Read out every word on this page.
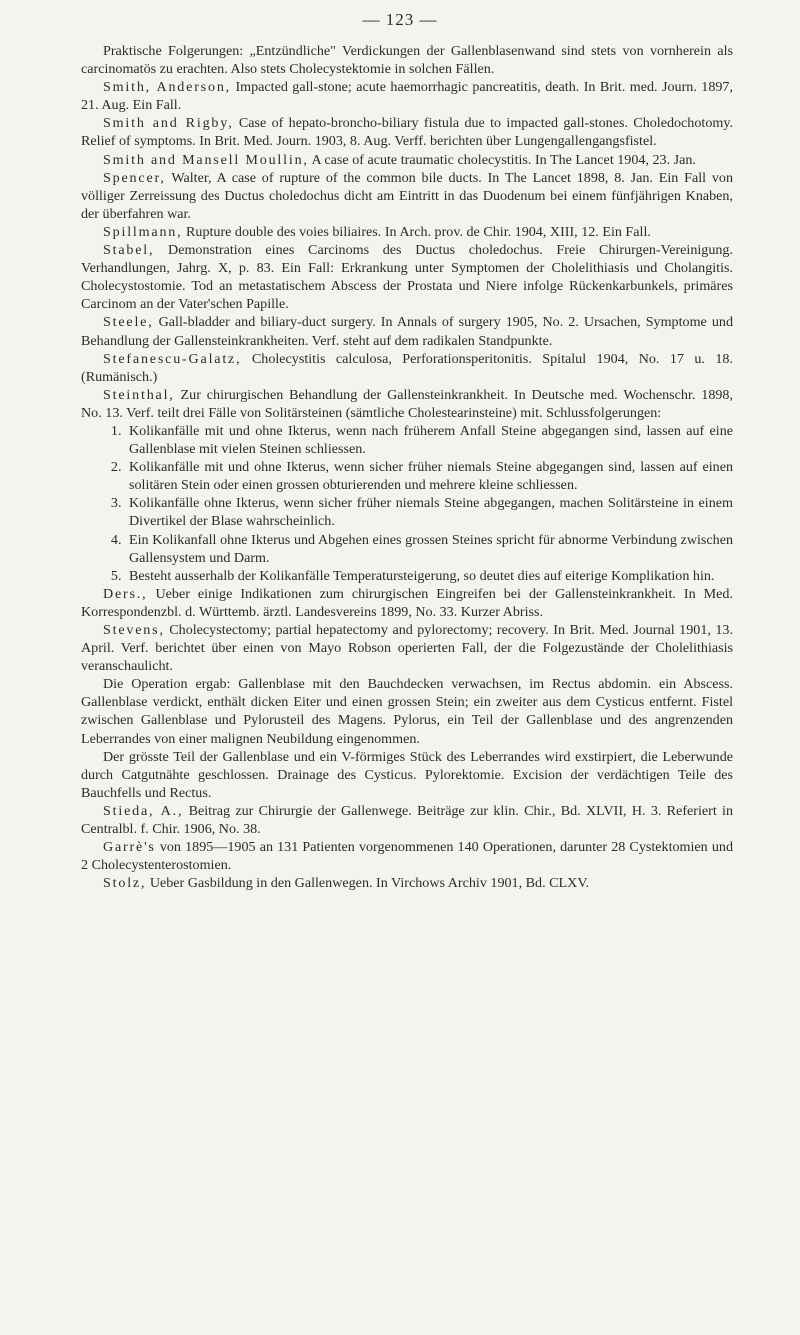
— 123 —

Praktische Folgerungen: „Entzündliche" Verdickungen der Gallenblasenwand sind stets von vornherein als carcinomatös zu erachten. Also stets Cholecystektomie in solchen Fällen.

Smith, Anderson, Impacted gall-stone; acute haemorrhagic pancreatitis, death. In Brit. med. Journ. 1897, 21. Aug. Ein Fall.

Smith and Rigby, Case of hepato-broncho-biliary fistula due to impacted gall-stones. Choledochotomy. Relief of symptoms. In Brit. Med. Journ. 1903, 8. Aug. Verff. berichten über Lungengallengangsfistel.

Smith and Mansell Moullin, A case of acute traumatic cholecystitis. In The Lancet 1904, 23. Jan.

Spencer, Walter, A case of rupture of the common bile ducts. In The Lancet 1898, 8. Jan. Ein Fall von völliger Zerreissung des Ductus choledochus dicht am Eintritt in das Duodenum bei einem fünfjährigen Knaben, der überfahren war.

Spillmann, Rupture double des voies biliaires. In Arch. prov. de Chir. 1904, XIII, 12. Ein Fall.

Stabel, Demonstration eines Carcinoms des Ductus choledochus. Freie Chirurgen-Vereinigung. Verhandlungen, Jahrg. X, p. 83. Ein Fall: Erkrankung unter Symptomen der Cholelithiasis und Cholangitis. Cholecystostomie. Tod an metastatischem Abscess der Prostata und Niere infolge Rückenkarbunkels, primäres Carcinom an der Vater'schen Papille.

Steele, Gall-bladder and biliary-duct surgery. In Annals of surgery 1905, No. 2. Ursachen, Symptome und Behandlung der Gallensteinkrankheiten. Verf. steht auf dem radikalen Standpunkte.

Stefanescu-Galatz, Cholecystitis calculosa, Perforationsperitonitis. Spitalul 1904, No. 17 u. 18. (Rumänisch.)

Steinthal, Zur chirurgischen Behandlung der Gallensteinkrankheit. In Deutsche med. Wochenschr. 1898, No. 13. Verf. teilt drei Fälle von Solitärsteinen (sämtliche Cholestearinsteine) mit. Schlussfolgerungen:

1. Kolikanfälle mit und ohne Ikterus, wenn nach früherem Anfall Steine abgegangen sind, lassen auf eine Gallenblase mit vielen Steinen schliessen.
2. Kolikanfälle mit und ohne Ikterus, wenn sicher früher niemals Steine abgegangen sind, lassen auf einen solitären Stein oder einen grossen obturierenden und mehrere kleine schliessen.
3. Kolikanfälle ohne Ikterus, wenn sicher früher niemals Steine abgegangen, machen Solitärsteine in einem Divertikel der Blase wahrscheinlich.
4. Ein Kolikanfall ohne Ikterus und Abgehen eines grossen Steines spricht für abnorme Verbindung zwischen Gallensystem und Darm.
5. Besteht ausserhalb der Kolikanfälle Temperatursteigerung, so deutet dies auf eiterige Komplikation hin.

Ders., Ueber einige Indikationen zum chirurgischen Eingreifen bei der Gallensteinkrankheit. In Med. Korrespondenzbl. d. Württemb. ärztl. Landesvereins 1899, No. 33. Kurzer Abriss.

Stevens, Cholecystectomy; partial hepatectomy and pylorectomy; recovery. In Brit. Med. Journal 1901, 13. April. Verf. berichtet über einen von Mayo Robson operierten Fall, der die Folgezustände der Cholelithiasis veranschaulicht.

Die Operation ergab: Gallenblase mit den Bauchdecken verwachsen, im Rectus abdomin. ein Abscess. Gallenblase verdickt, enthält dicken Eiter und einen grossen Stein; ein zweiter aus dem Cysticus entfernt. Fistel zwischen Gallenblase und Pylorusteil des Magens. Pylorus, ein Teil der Gallenblase und des angrenzenden Leberrandes von einer malignen Neubildung eingenommen.

Der grösste Teil der Gallenblase und ein V-förmiges Stück des Leberrandes wird exstirpiert, die Leberwunde durch Catgutnähte geschlossen. Drainage des Cysticus. Pylorektomie. Excision der verdächtigen Teile des Bauchfells und Rectus.

Stieda, A., Beitrag zur Chirurgie der Gallenwege. Beiträge zur klin. Chir., Bd. XLVII, H. 3. Referiert in Centralbl. f. Chir. 1906, No. 38.

Garrè's von 1895—1905 an 131 Patienten vorgenommenen 140 Operationen, darunter 28 Cystektomien und 2 Cholecystenterostomien.

Stolz, Ueber Gasbildung in den Gallenwegen. In Virchows Archiv 1901, Bd. CLXV.
